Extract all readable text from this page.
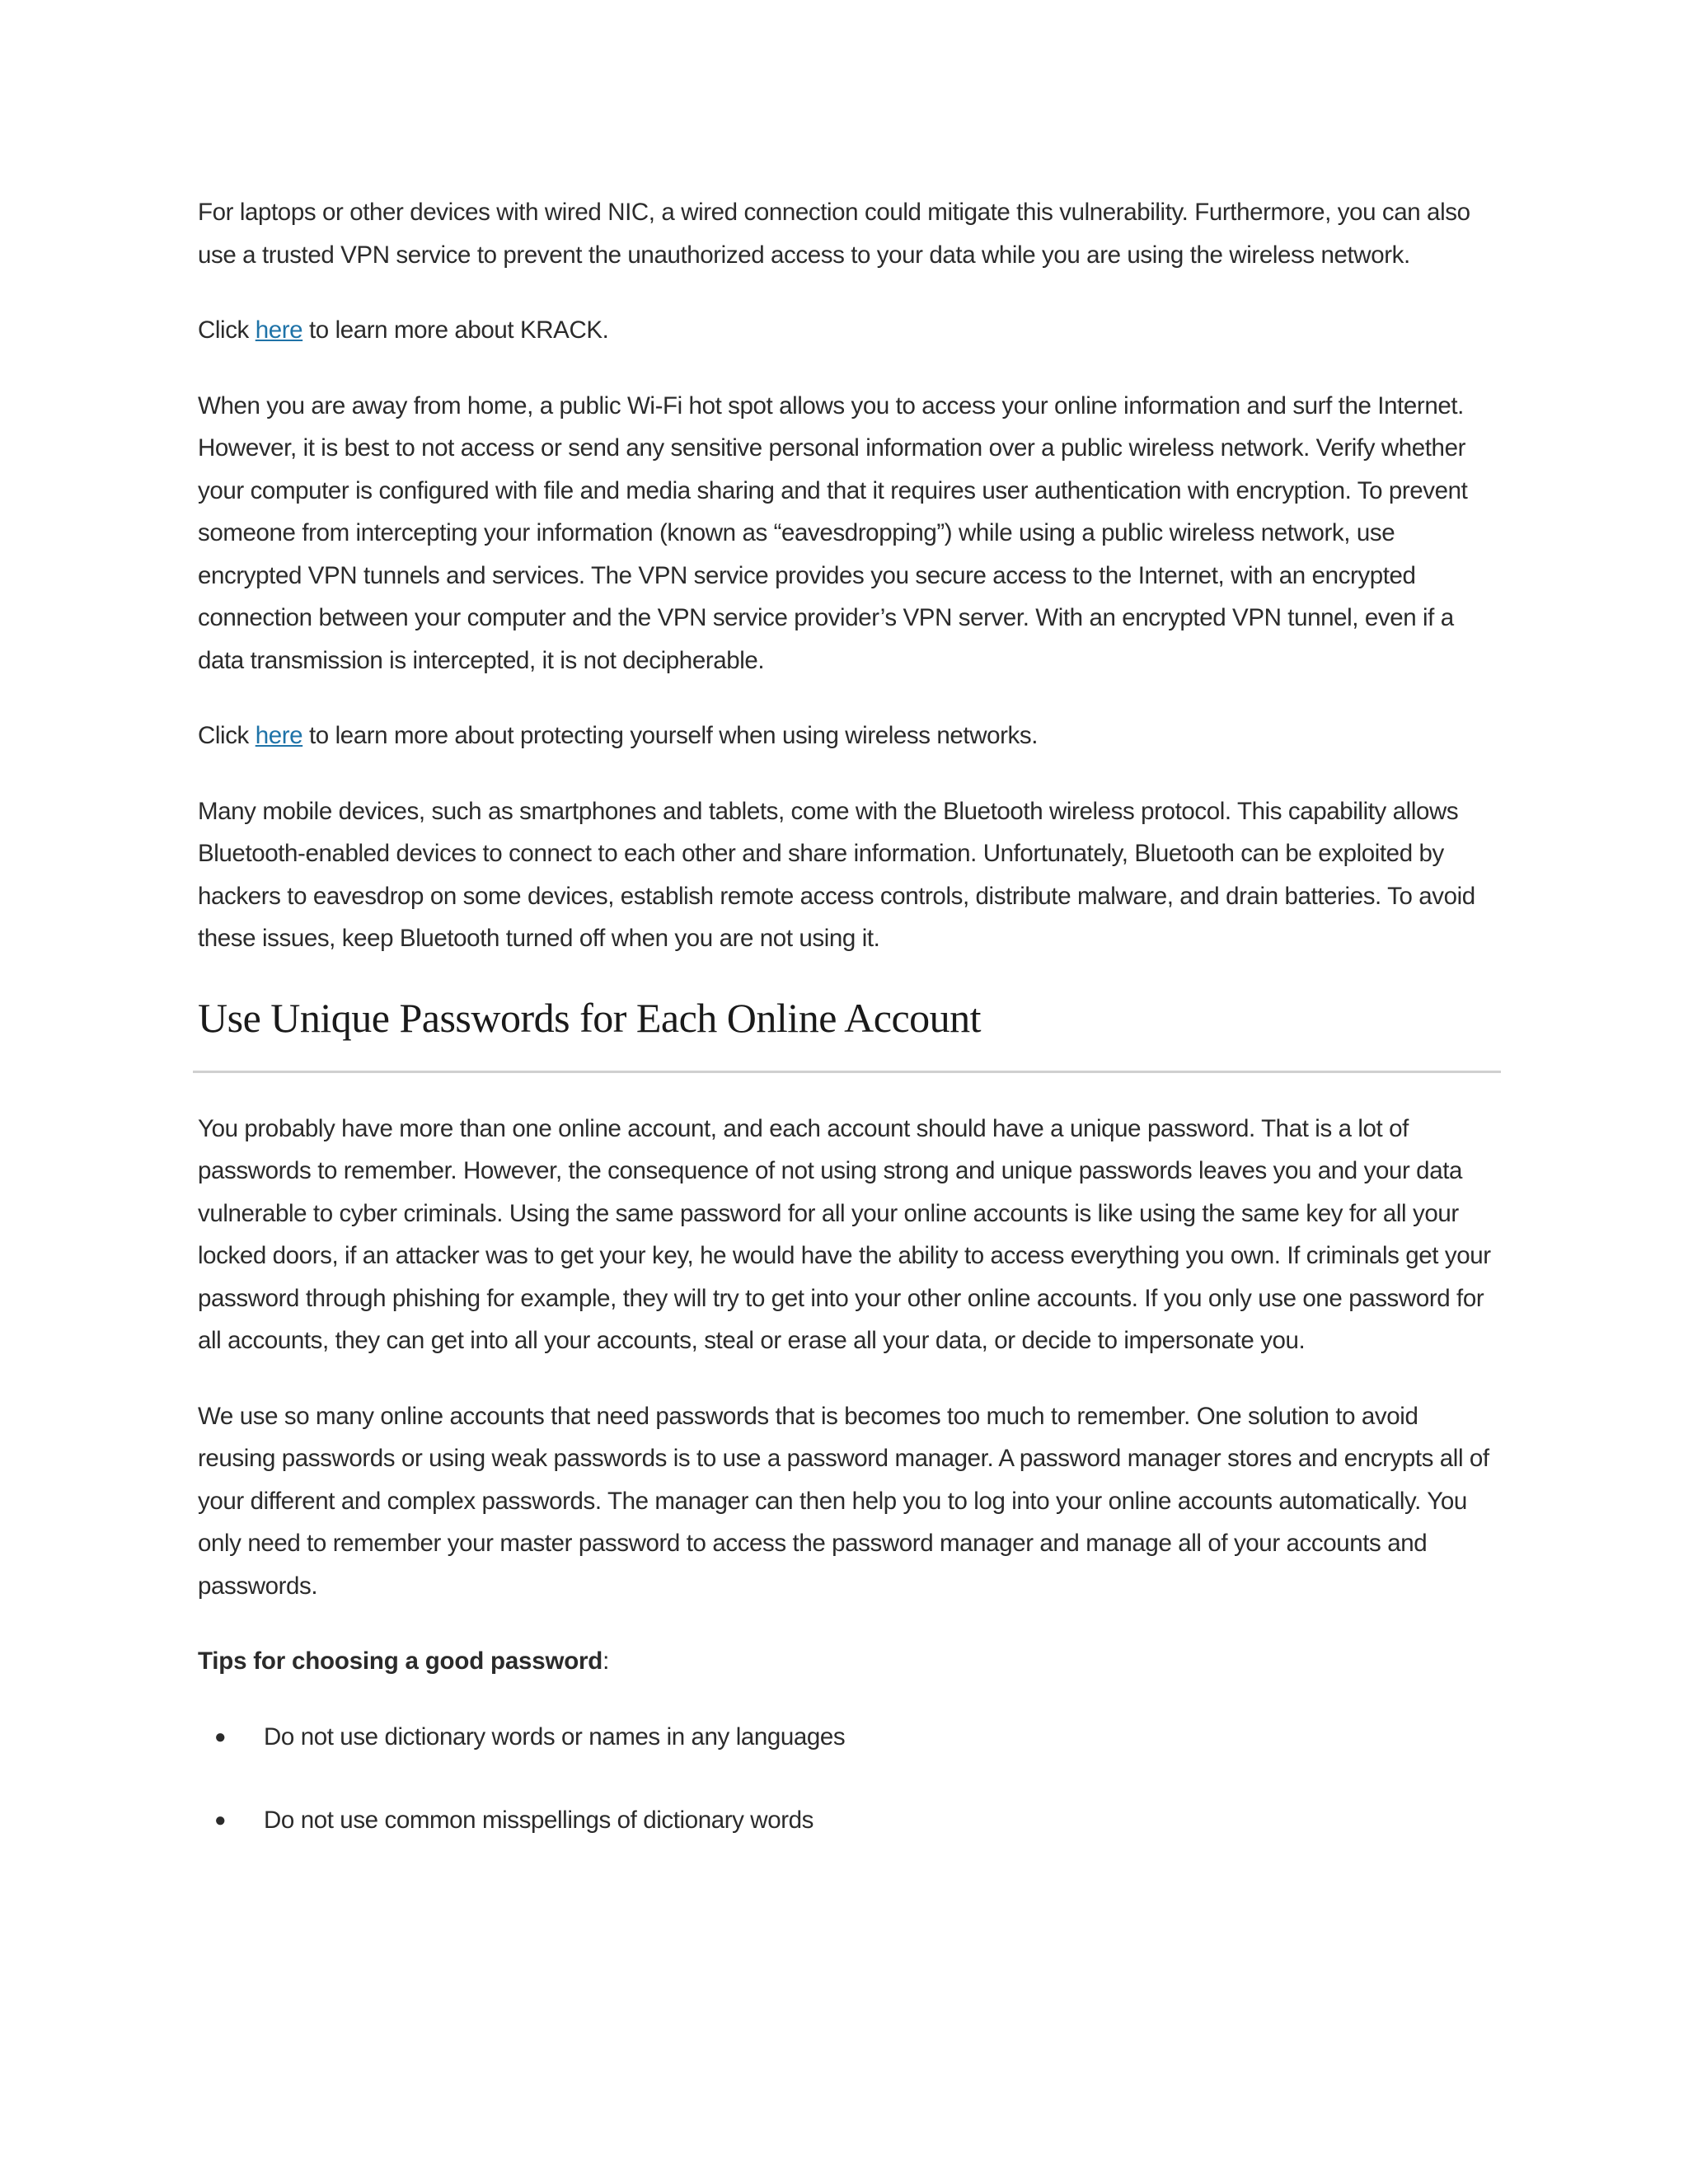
For laptops or other devices with wired NIC, a wired connection could mitigate this vulnerability. Furthermore, you can also use a trusted VPN service to prevent the unauthorized access to your data while you are using the wireless network.

Click here to learn more about KRACK.

When you are away from home, a public Wi-Fi hot spot allows you to access your online information and surf the Internet. However, it is best to not access or send any sensitive personal information over a public wireless network. Verify whether your computer is configured with file and media sharing and that it requires user authentication with encryption. To prevent someone from intercepting your information (known as “eavesdropping”) while using a public wireless network, use encrypted VPN tunnels and services. The VPN service provides you secure access to the Internet, with an encrypted connection between your computer and the VPN service provider’s VPN server. With an encrypted VPN tunnel, even if a data transmission is intercepted, it is not decipherable.

Click here to learn more about protecting yourself when using wireless networks.

Many mobile devices, such as smartphones and tablets, come with the Bluetooth wireless protocol. This capability allows Bluetooth-enabled devices to connect to each other and share information. Unfortunately, Bluetooth can be exploited by hackers to eavesdrop on some devices, establish remote access controls, distribute malware, and drain batteries. To avoid these issues, keep Bluetooth turned off when you are not using it.

Use Unique Passwords for Each Online Account

You probably have more than one online account, and each account should have a unique password. That is a lot of passwords to remember. However, the consequence of not using strong and unique passwords leaves you and your data vulnerable to cyber criminals. Using the same password for all your online accounts is like using the same key for all your locked doors, if an attacker was to get your key, he would have the ability to access everything you own. If criminals get your password through phishing for example, they will try to get into your other online accounts. If you only use one password for all accounts, they can get into all your accounts, steal or erase all your data, or decide to impersonate you.

We use so many online accounts that need passwords that is becomes too much to remember. One solution to avoid reusing passwords or using weak passwords is to use a password manager. A password manager stores and encrypts all of your different and complex passwords. The manager can then help you to log into your online accounts automatically. You only need to remember your master password to access the password manager and manage all of your accounts and passwords.

Tips for choosing a good password:

● Do not use dictionary words or names in any languages
● Do not use common misspellings of dictionary words
